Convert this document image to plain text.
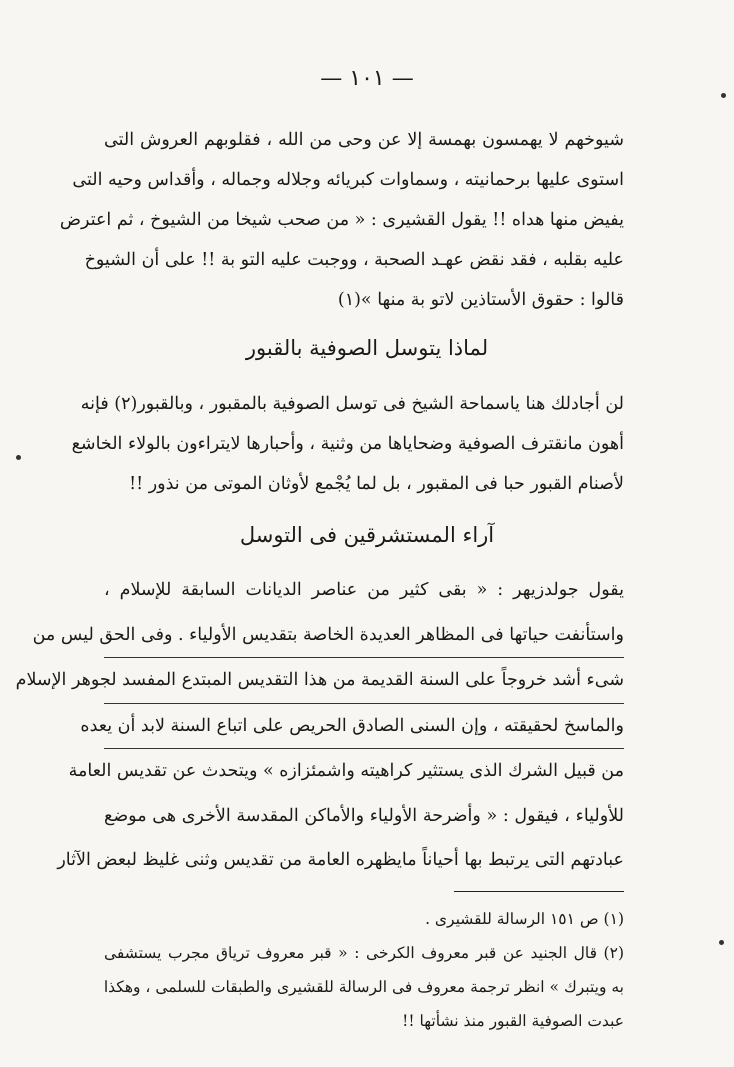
— ١٠١ —
شيوخهم لا يهمسون بهمسة إلا عن وحى من الله ، فقلوبهم العروش التى
استوى عليها برحمانيته ، وسماوات كبريائه وجلاله وجماله ، وأقداس وحيه التى
يفيض منها هداه !! يقول القشيرى : « من صحب شيخا من الشيوخ ، ثم اعترض
عليه بقلبه ، فقد نقض عهـد الصحبة ، ووجبت عليه التو بة !! على أن الشيوخ
قالوا : حقوق الأستاذين لاتو بة منها »(١)
لماذا يتوسل الصوفية بالقبور
لن أجادلك هنا ياسماحة الشيخ فى توسل الصوفية بالمقبور ، وبالقبور(٢) فإنه
أهون مانقترف الصوفية وضحاياها من وثنية ، وأحبارها لايتراءون بالولاء الخاشع
لأصنام القبور حبا فى المقبور ، بل لما يُجْمع لأوثان الموتى من نذور !!
آراء المستشرقين فى التوسل
يقول جولدزيهر : « بقى كثير من عناصر الديانات السابقة للإسلام ،
واستأنفت حياتها فى المظاهر العديدة الخاصة بتقديس الأولياء . وفى الحق ليس من
شىء أشد خروجاً على السنة القديمة من هذا التقديس المبتدع المفسد لجوهر الإسلام
والماسخ لحقيقته ، وإن السنى الصادق الحريص على اتباع السنة لابد أن يعده
من قبيل الشرك الذى يستثير كراهيته واشمئزازه » ويتحدث عن تقديس العامة
للأولياء ، فيقول : « وأضرحة الأولياء والأماكن المقدسة الأخرى هى موضع
عبادتهم التى يرتبط بها أحياناً مايظهره العامة من تقديس وثنى غليظ لبعض الآثار
(١) ص ١٥١ الرسالة للقشيرى .
(٢) قال الجنيد عن قبر معروف الكرخى : « قبر معروف ترياق مجرب يستشفى
به ويتبرك » انظر ترجمة معروف فى الرسالة للقشيرى والطبقات للسلمى ، وهكذا
عبدت الصوفية القبور منذ نشأتها !!
